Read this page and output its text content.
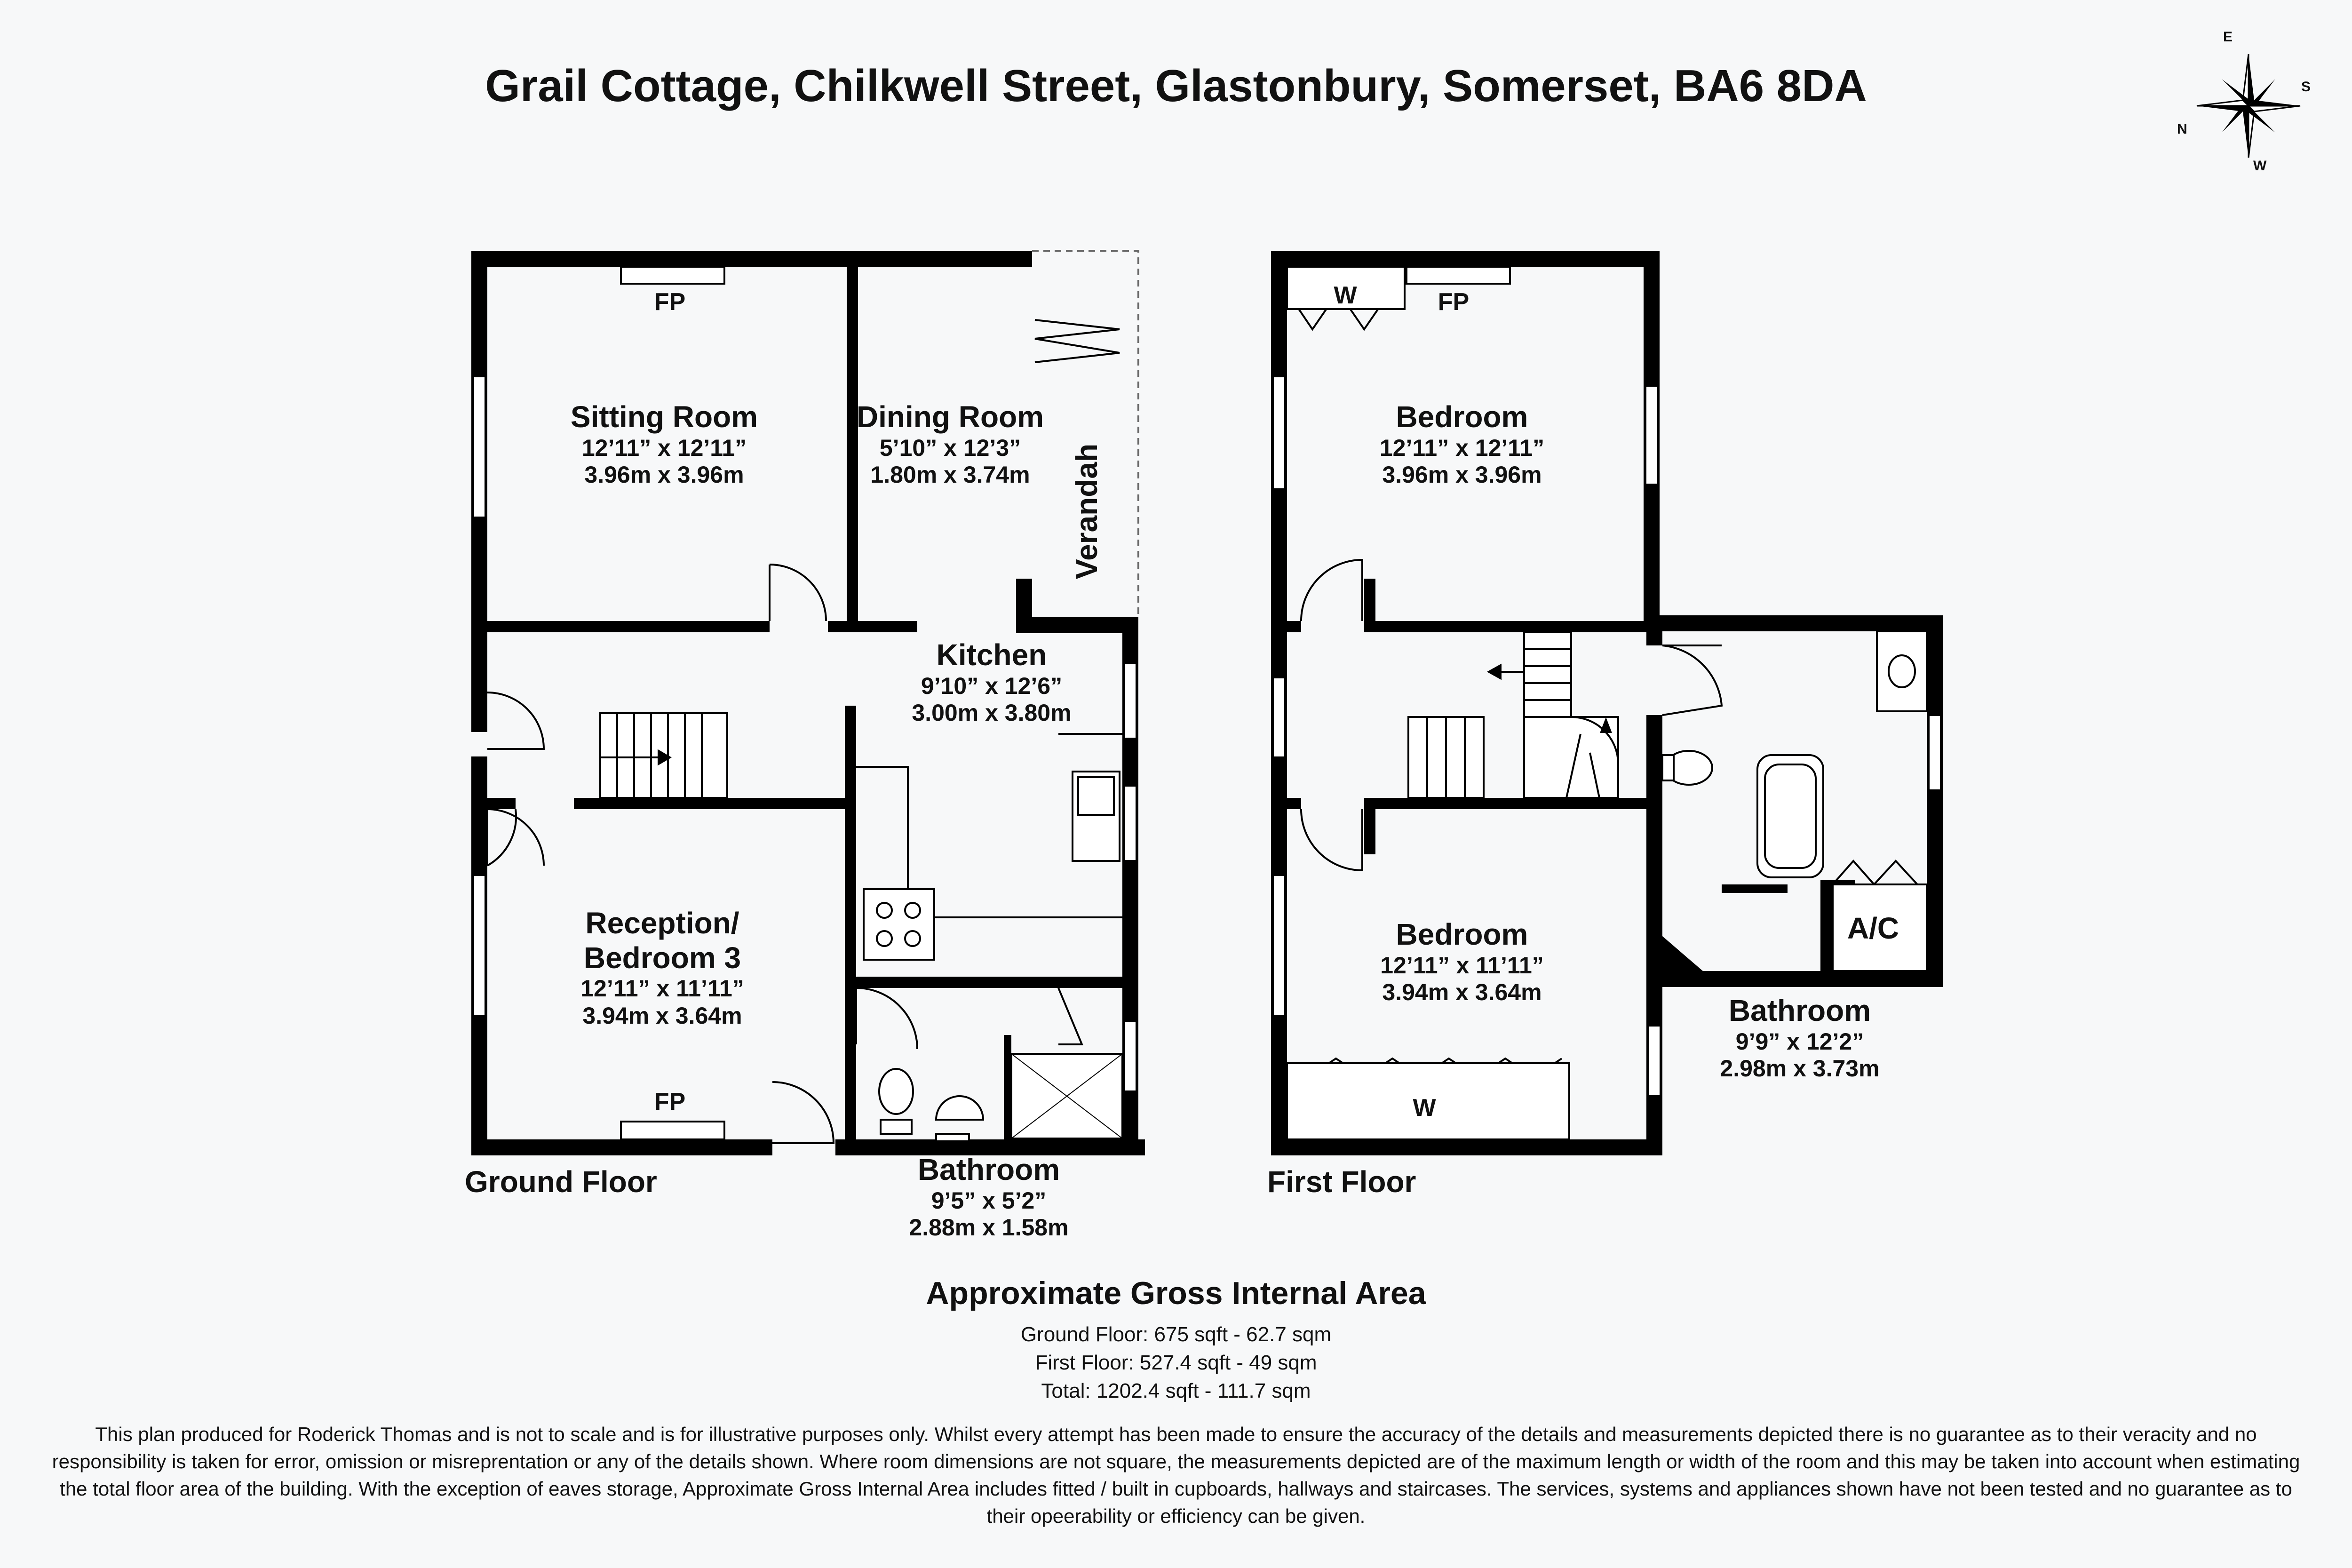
E
S
N
W
Grail Cottage, Chilkwell Street, Glastonbury, Somerset, BA6 8DA
Sitting Room
12’11” x 12’11”
3.96m x 3.96m
FP
Dining Room
5’10” x 12’3”
1.80m x 3.74m	Verandah
Kitchen
9’10” x 12’6”
3.00m x 3.80m
Reception/
Bedroom 3
12’11” x 11’11”
3.94m x 3.64m
FP
Bathroom
9’5” x 5’2”
2.88m x 1.58m
Ground Floor
Bedroom
12’11” x 12’11”
3.96m x 3.96m
W	FP
Bedroom
12’11” x 11’11”
3.94m x 3.64m
W
A/C
Bathroom
9’9” x 12’2”
2.98m x 3.73m
First Floor
Approximate Gross Internal Area
Ground Floor: 675 sqft - 62.7 sqm
First Floor: 527.4 sqft - 49 sqm
Total: 1202.4 sqft - 111.7 sqm
This plan produced for Roderick Thomas and is not to scale and is for illustrative purposes only. Whilst every attempt has been made to ensure the accuracy of the details and measurements depicted there is no guarantee as to their veracity and no responsibility is taken for error, omission or misreprentation or any of the details shown. Where room dimensions are not square, the measurements depicted are of the maximum length or width of the room and this may be taken into account when estimating the total floor area of the building. With the exception of eaves storage, Approximate Gross Internal Area includes fitted / built in cupboards, hallways and staircases. The services, systems and appliances shown have not been tested and no guarantee as to their opeerability or efficiency can be given.
